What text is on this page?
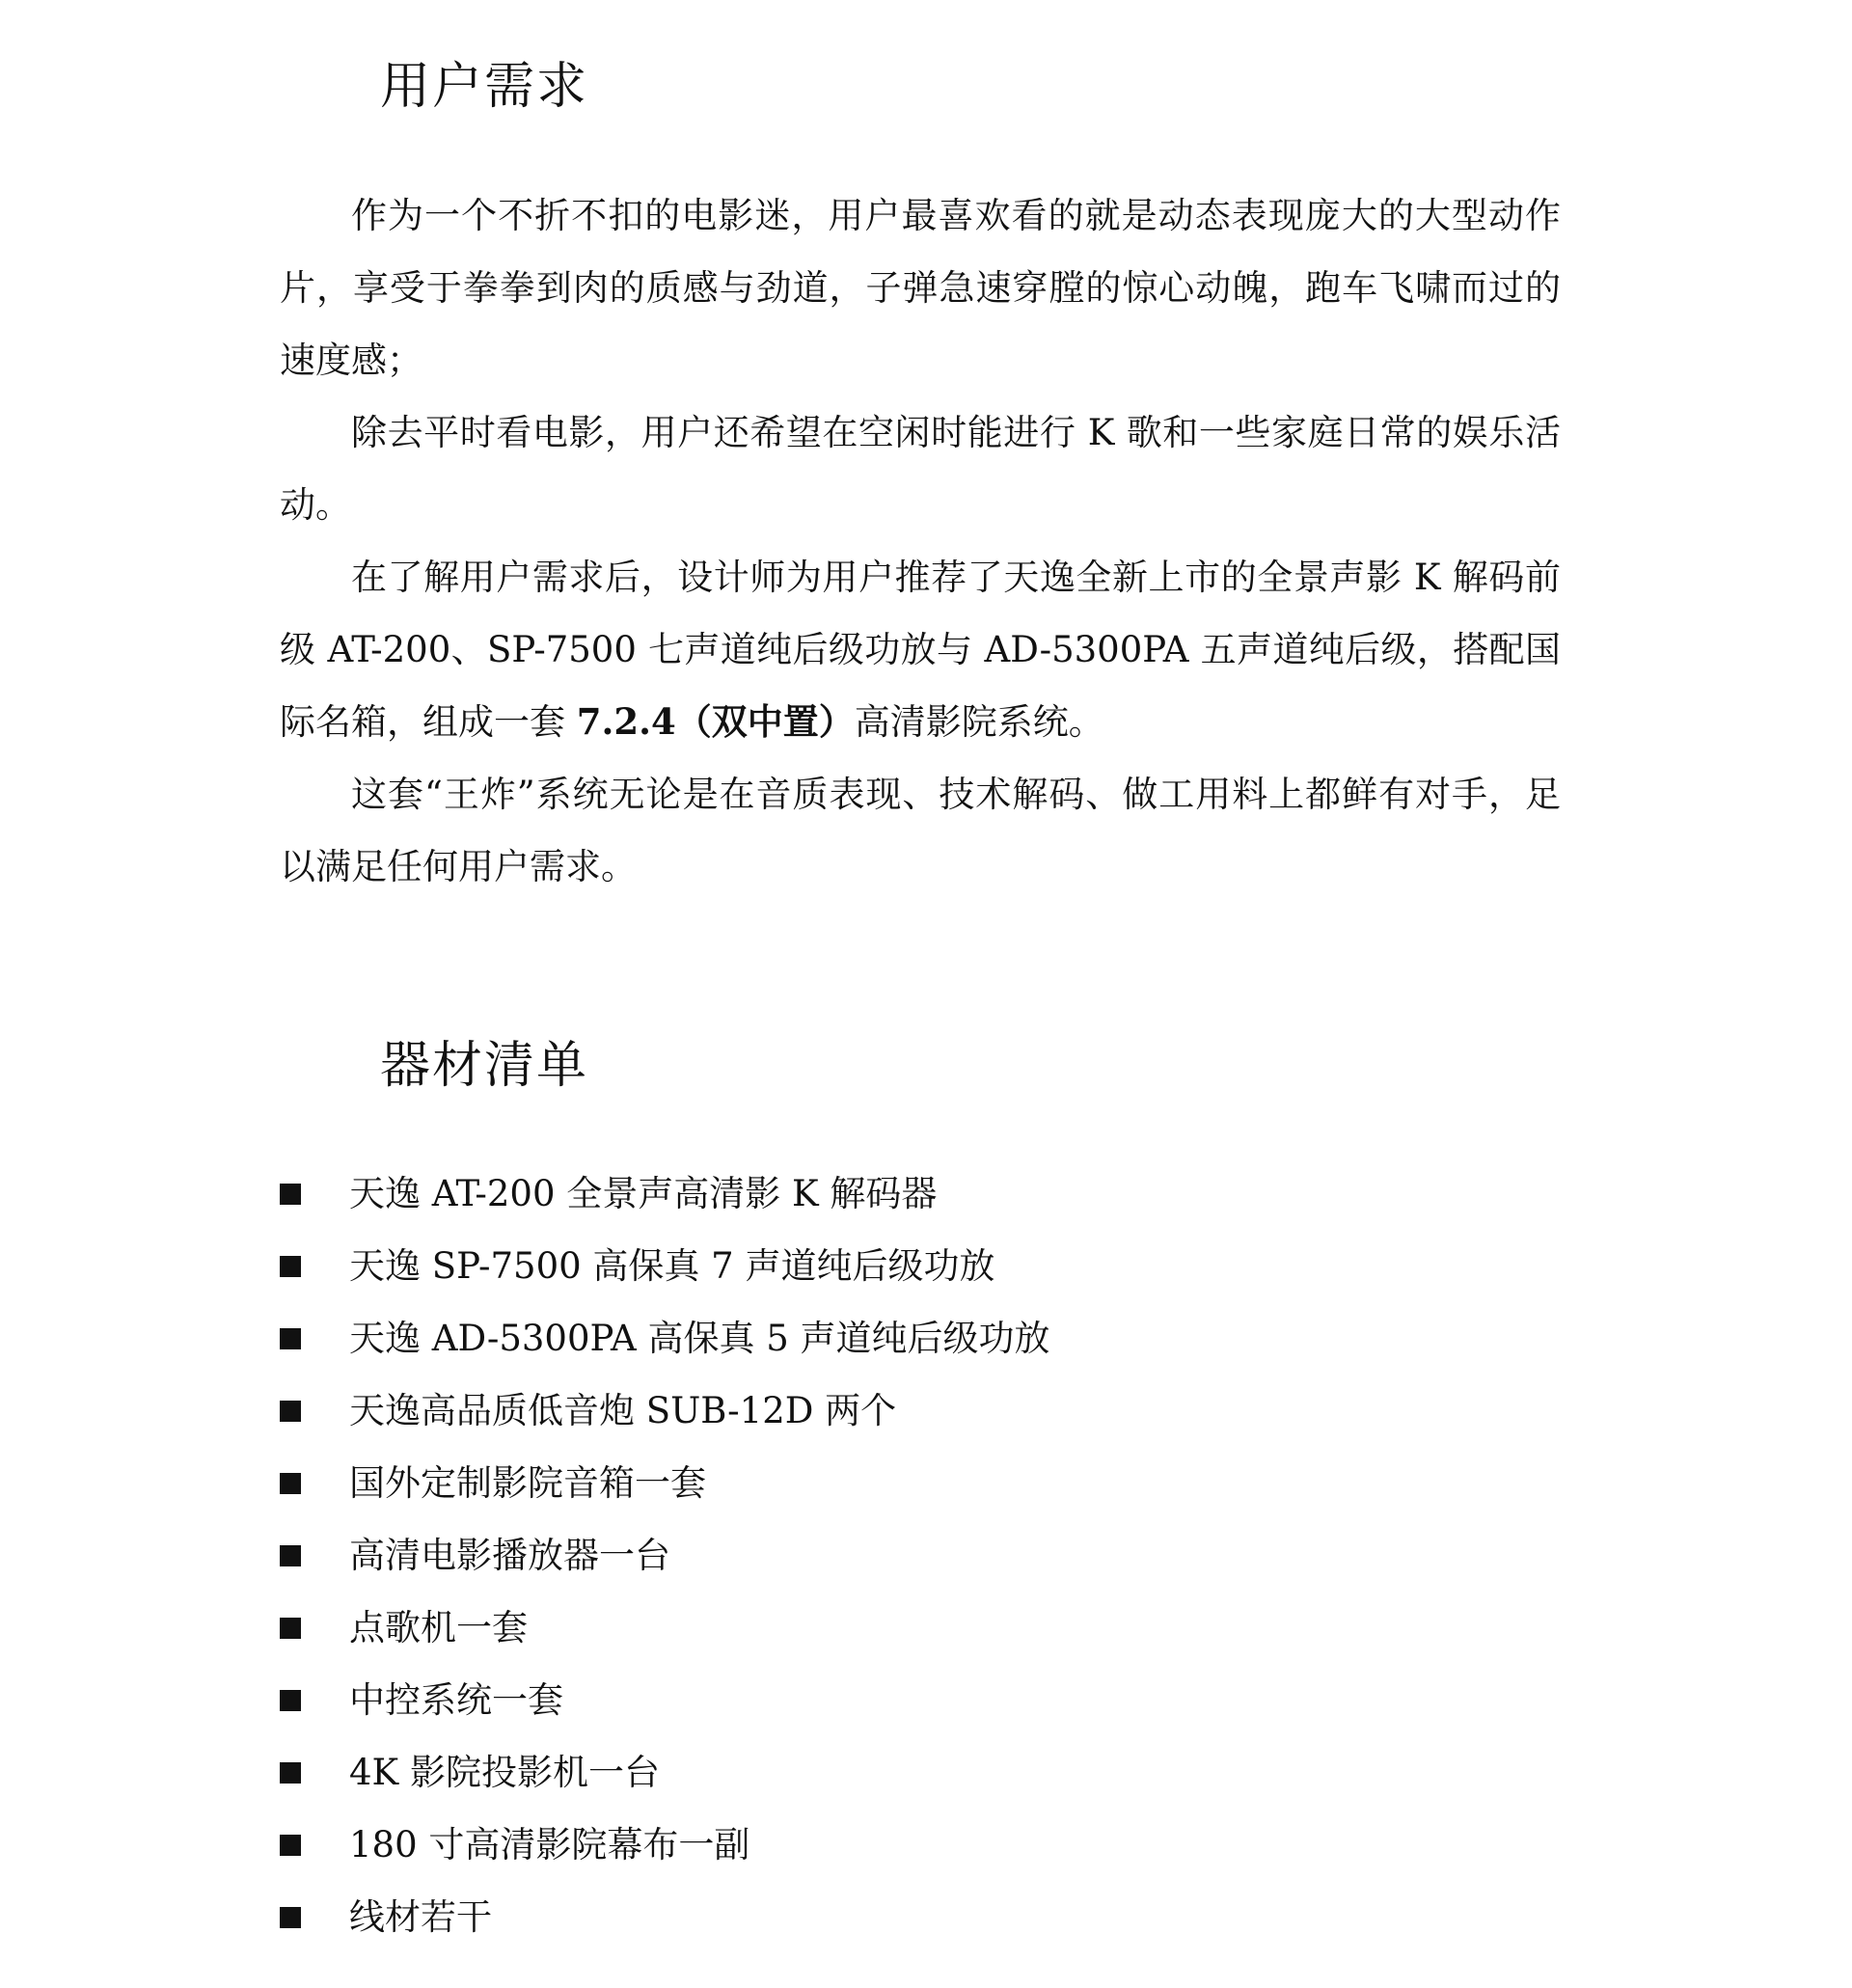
用户需求

作为一个不折不扣的电影迷，用户最喜欢看的就是动态表现庞大的大型动作片，享受于拳拳到肉的质感与劲道，子弹急速穿膛的惊心动魄，跑车飞啸而过的速度感；

除去平时看电影，用户还希望在空闲时能进行 K 歌和一些家庭日常的娱乐活动。

在了解用户需求后，设计师为用户推荐了天逸全新上市的全景声影 K 解码前级 AT-200、SP-7500 七声道纯后级功放与 AD-5300PA 五声道纯后级，搭配国际名箱，组成一套 7.2.4（双中置）高清影院系统。

这套“王炸”系统无论是在音质表现、技术解码、做工用料上都鲜有对手，足以满足任何用户需求。

器材清单
天逸 AT-200 全景声高清影 K 解码器
天逸 SP-7500 高保真 7 声道纯后级功放
天逸 AD-5300PA 高保真 5 声道纯后级功放
天逸高品质低音炮 SUB-12D 两个
国外定制影院音箱一套
高清电影播放器一台
点歌机一套
中控系统一套
4K 影院投影机一台
180 寸高清影院幕布一副
线材若干
